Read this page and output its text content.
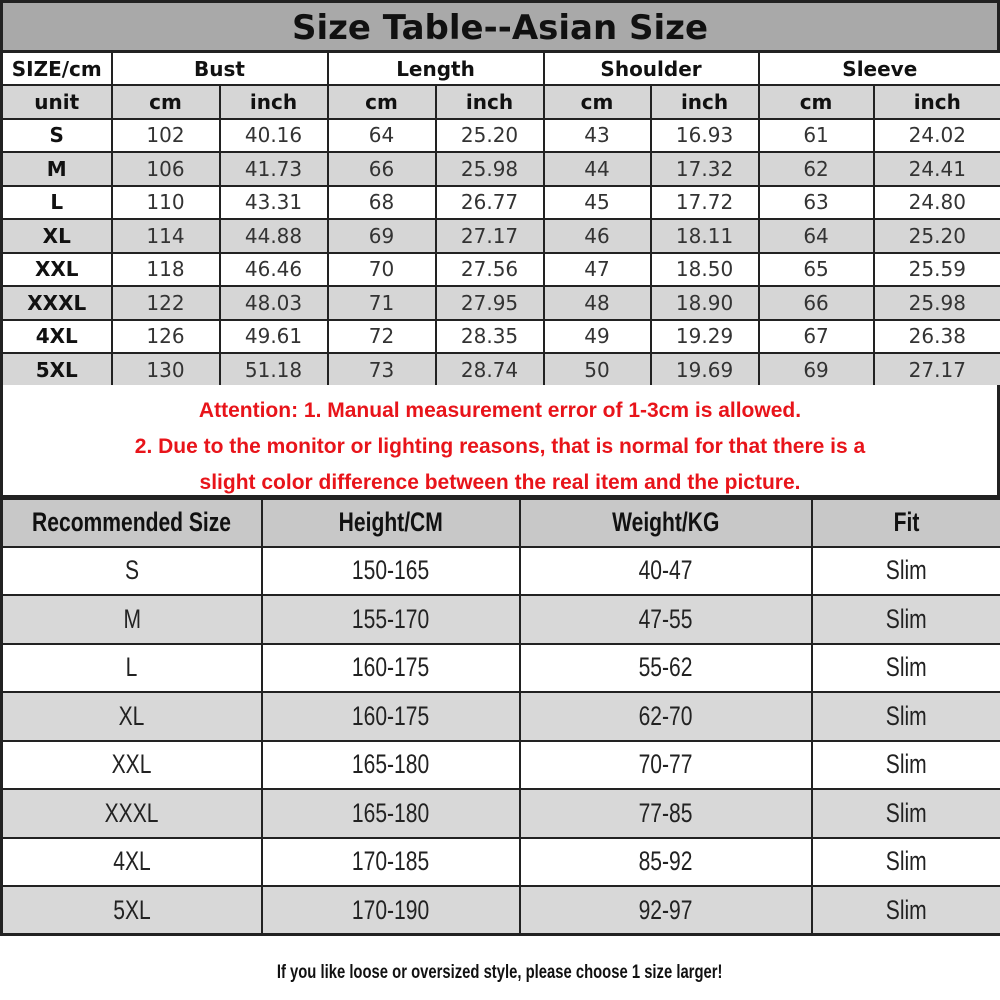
Size Table--Asian Size
SIZE/cm	Bust		Length		Shoulder		Sleeve	
unit	cm	inch	cm	inch	cm	inch	cm	inch
S	102	40.16	64	25.20	43	16.93	61	24.02
M	106	41.73	66	25.98	44	17.32	62	24.41
L	110	43.31	68	26.77	45	17.72	63	24.80
XL	114	44.88	69	27.17	46	18.11	64	25.20
XXL	118	46.46	70	27.56	47	18.50	65	25.59
XXXL	122	48.03	71	27.95	48	18.90	66	25.98
4XL	126	49.61	72	28.35	49	19.29	67	26.38
5XL	130	51.18	73	28.74	50	19.69	69	27.17
Attention: 1. Manual measurement error of 1-3cm is allowed.
2. Due to the monitor or lighting reasons, that is normal for that there is a
slight color difference between the real item and the picture.
Recommended Size	Height/CM	Weight/KG	Fit
S	150-165	40-47	Slim
M	155-170	47-55	Slim
L	160-175	55-62	Slim
XL	160-175	62-70	Slim
XXL	165-180	70-77	Slim
XXXL	165-180	77-85	Slim
4XL	170-185	85-92	Slim
5XL	170-190	92-97	Slim
If you like loose or oversized style, please choose 1 size larger!
